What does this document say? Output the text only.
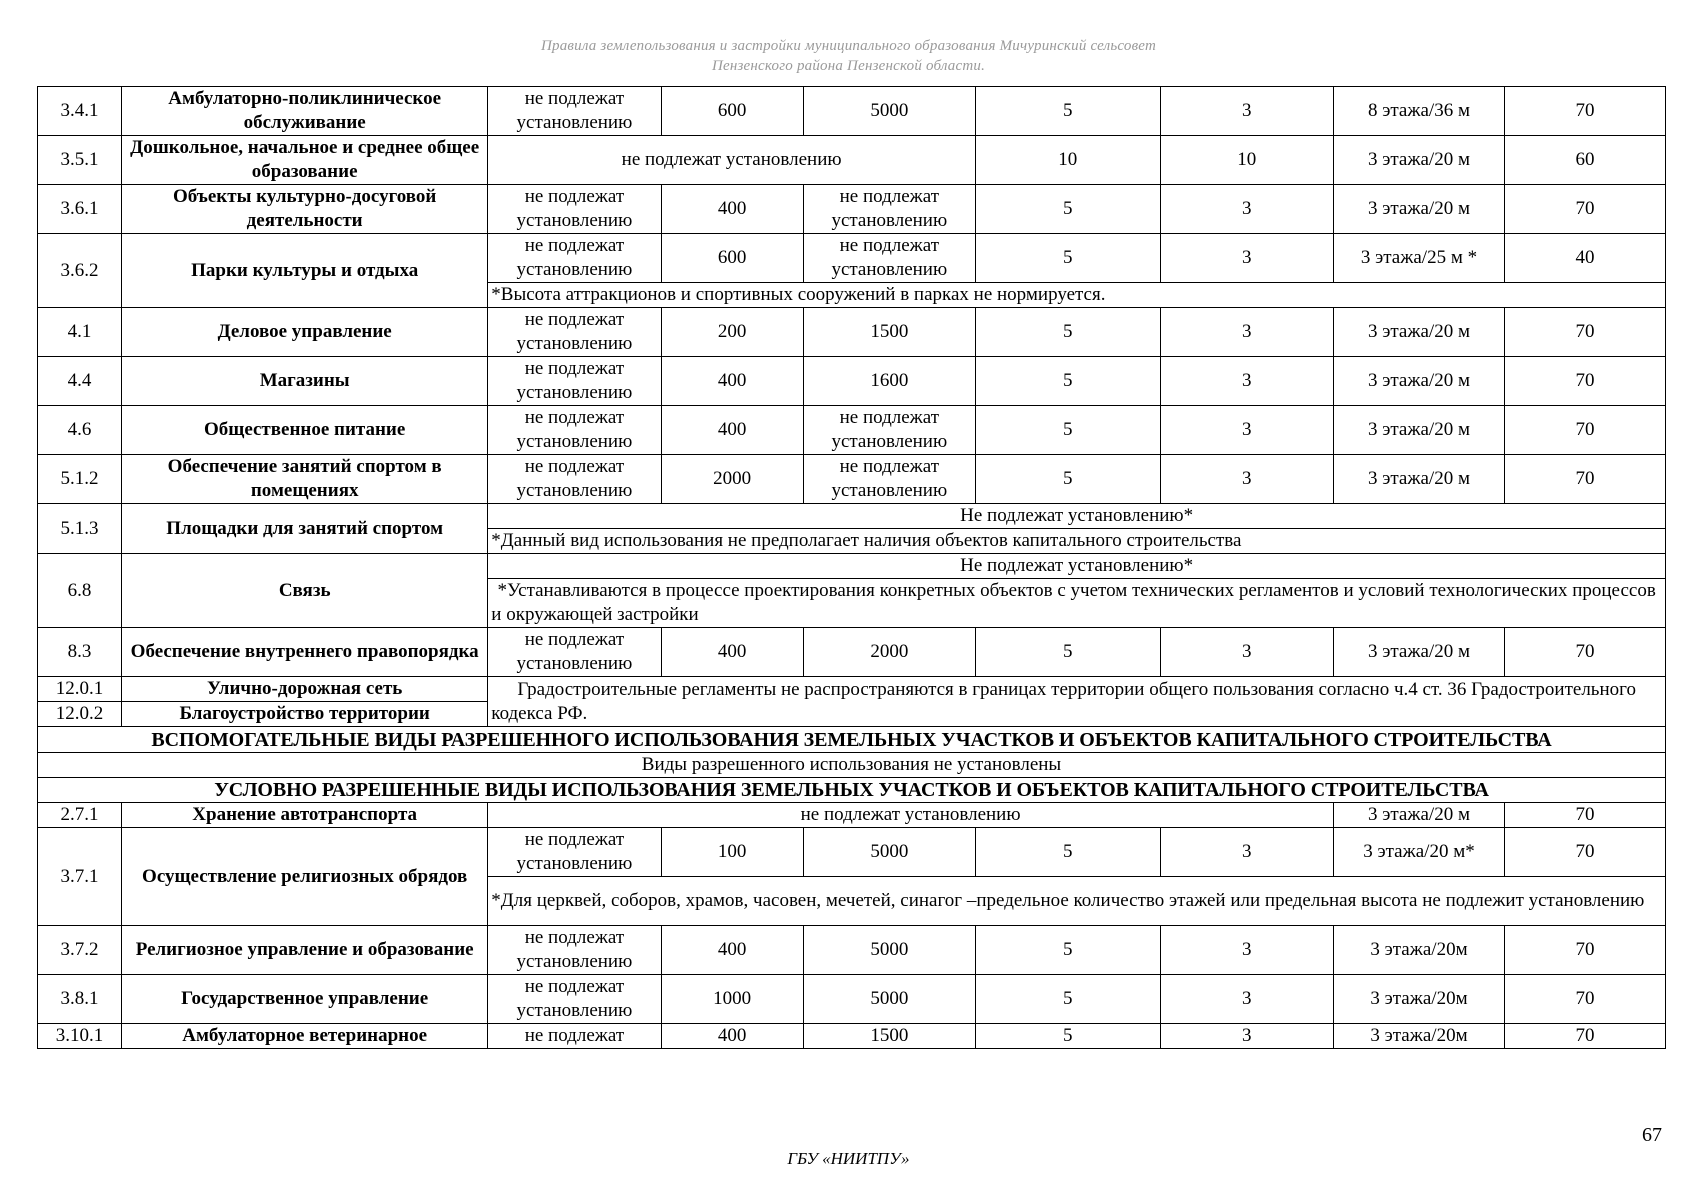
Правила землепользования и застройки муниципального образования Мичуринский сельсовет
Пензенского района Пензенской области.
3.4.1	Амбулаторно-поликлиническое обслуживание	не подлежат установлению	600	5000	5	3	8 этажа/36 м	70
3.5.1	Дошкольное, начальное и среднее общее образование	не подлежат установлению			10	10	3 этажа/20 м	60
3.6.1	Объекты культурно-досуговой деятельности	не подлежат установлению	400	не подлежат установлению	5	3	3 этажа/20 м	70
3.6.2	Парки культуры и отдыха	не подлежат установлению	600	не подлежат установлению	5	3	3 этажа/25 м *	40
		*Высота аттракционов и спортивных сооружений в парках не нормируется.						
4.1	Деловое управление	не подлежат установлению	200	1500	5	3	3 этажа/20 м	70
4.4	Магазины	не подлежат установлению	400	1600	5	3	3 этажа/20 м	70
4.6	Общественное питание	не подлежат установлению	400	не подлежат установлению	5	3	3 этажа/20 м	70
5.1.2	Обеспечение занятий спортом в помещениях	не подлежат установлению	2000	не подлежат установлению	5	3	3 этажа/20 м	70
5.1.3	Площадки для занятий спортом	Не подлежат установлению*						
		*Данный вид использования не предполагает наличия объектов капитального строительства						
6.8	Связь	Не подлежат установлению*						
		*Устанавливаются в процессе проектирования конкретных объектов с учетом технических регламентов и условий технологических процессов и окружающей застройки						
8.3	Обеспечение внутреннего правопорядка	не подлежат установлению	400	2000	5	3	3 этажа/20 м	70
12.0.1	Улично-дорожная сеть	Градостроительные регламенты не распространяются в границах территории общего пользования согласно ч.4 ст. 36 Градостроительного кодекса РФ.						
12.0.2	Благоустройство территории							
ВСПОМОГАТЕЛЬНЫЕ ВИДЫ РАЗРЕШЕННОГО ИСПОЛЬЗОВАНИЯ ЗЕМЕЛЬНЫХ УЧАСТКОВ И ОБЪЕКТОВ КАПИТАЛЬНОГО СТРОИТЕЛЬСТВА								
Виды разрешенного использования не установлены								
УСЛОВНО РАЗРЕШЕННЫЕ ВИДЫ ИСПОЛЬЗОВАНИЯ ЗЕМЕЛЬНЫХ УЧАСТКОВ И ОБЪЕКТОВ КАПИТАЛЬНОГО СТРОИТЕЛЬСТВА								
2.7.1	Хранение автотранспорта	не подлежат установлению					3 этажа/20 м	70
3.7.1	Осуществление религиозных обрядов	не подлежат установлению	100	5000	5	3	3 этажа/20 м*	70
		*Для церквей, соборов, храмов, часовен, мечетей, синагог –предельное количество этажей или предельная высота не подлежит установлению						
3.7.2	Религиозное управление и образование	не подлежат установлению	400	5000	5	3	3 этажа/20м	70
3.8.1	Государственное управление	не подлежат установлению	1000	5000	5	3	3 этажа/20м	70
3.10.1	Амбулаторное ветеринарное	не подлежат	400	1500	5	3	3 этажа/20м	70
67
ГБУ «НИИТПУ»
